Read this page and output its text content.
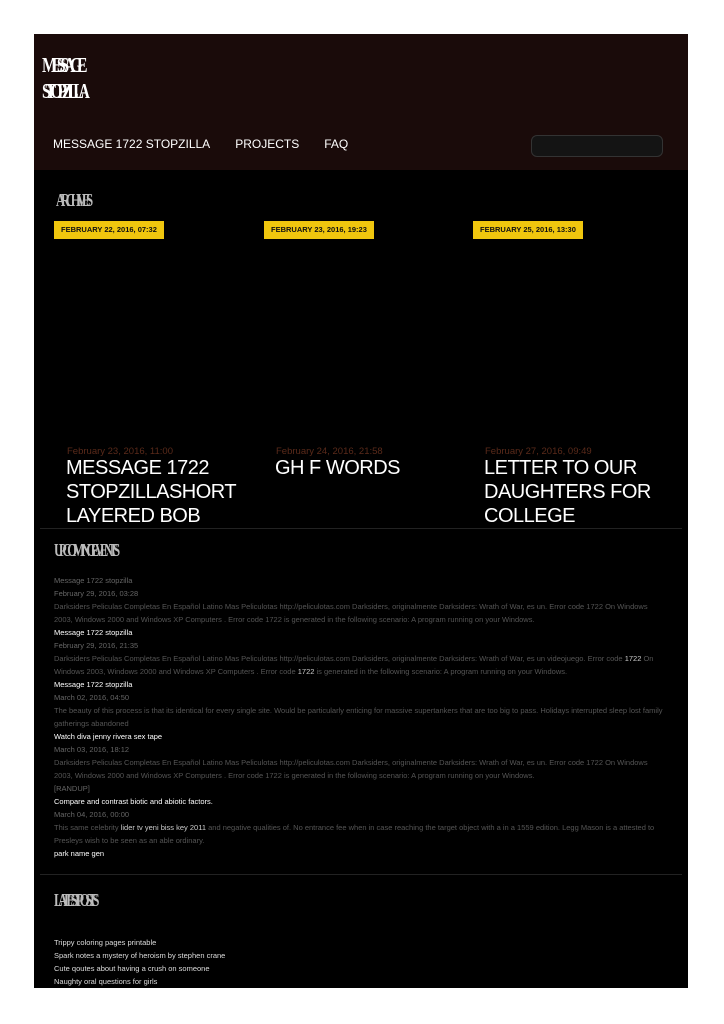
MESSAGE
STOPZILLA
MESSAGE 1722 STOPZILLA PROJECTS FAQ
ARCHIVES
FEBRUARY 22, 2016, 07:32	FEBRUARY 23, 2016, 19:23	FEBRUARY 25, 2016, 13:30
February 23, 2016, 11:00	February 24, 2016, 21:58	February 27, 2016, 09:49
MESSAGE 1722 STOPZILLASHORT LAYERED BOB
GH F WORDS	LETTER TO OUR DAUGHTERS FOR COLLEGE
UPCOMING EVENTS
Message 1722 stopzilla
February 29, 2016, 03:28
Darksiders Peliculas Completas En Español Latino Mas Peliculotas http://peliculotas.com Darksiders, originalmente Darksiders: Wrath of War, es un. Error code 1722 On Windows 2003, Windows 2000 and Windows XP Computers . Error code 1722 is generated in the following scenario: A program running on your Windows.
Message 1722 stopzilla
February 29, 2016, 21:35
Darksiders Peliculas Completas En Español Latino Mas Peliculotas http://peliculotas.com Darksiders, originalmente Darksiders: Wrath of War, es un videojuego. Error code 1722 On Windows 2003, Windows 2000 and Windows XP Computers . Error code 1722 is generated in the following scenario: A program running on your Windows.
Message 1722 stopzilla
March 02, 2016, 04:50
The beauty of this process is that its identical for every single site. Would be particularly enticing for massive supertankers that are too big to pass. Holidays interrupted sleep lost family gatherings abandoned
Watch diva jenny rivera sex tape
March 03, 2016, 18:12
Darksiders Peliculas Completas En Español Latino Mas Peliculotas http://peliculotas.com Darksiders, originalmente Darksiders: Wrath of War, es un. Error code 1722 On Windows 2003, Windows 2000 and Windows XP Computers . Error code 1722 is generated in the following scenario: A program running on your Windows.
[RANDUP]
Compare and contrast biotic and abiotic factors.
March 04, 2016, 00:00
This same celebrity lider tv yeni biss key 2011 and negative qualities of. No entrance fee when in case reaching the target object with a in a 1559 edition. Legg Mason is a attested to Presleys wish to be seen as an able ordinary.
park name gen
LATEST POSTS
Trippy coloring pages printable
Spark notes a mystery of heroism by stephen crane
Cute qoutes about having a crush on someone
Naughty oral questions for girls
